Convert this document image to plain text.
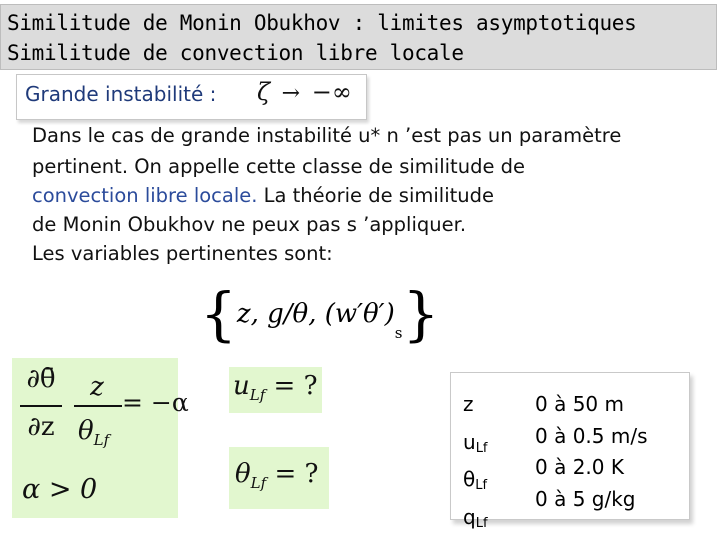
Similitude de Monin Obukhov : limites asymptotiques
Similitude de convection libre locale
Grande instabilité : ζ → −∞
Dans le cas de grande instabilité u* n ’est pas un paramètre
pertinent. On appelle cette classe de similitude de
convection libre locale. La théorie de similitude
de Monin Obukhov ne peux pas s ’appliquer.
Les variables pertinentes sont:
{z, g/θ, $(w'\theta')_s$}
∂θ̄
∂z
z
$\theta_{Lf}$
= −α
α > 0
$u_{Lf}$ = ?
$\theta_{Lf}$ = ?
z
$u_{Lf}$
$\theta_{Lf}$
$q_{Lf}$
0 à 50 m
0 à 0.5 m/s
0 à 2.0 K
0 à 5 g/kg
